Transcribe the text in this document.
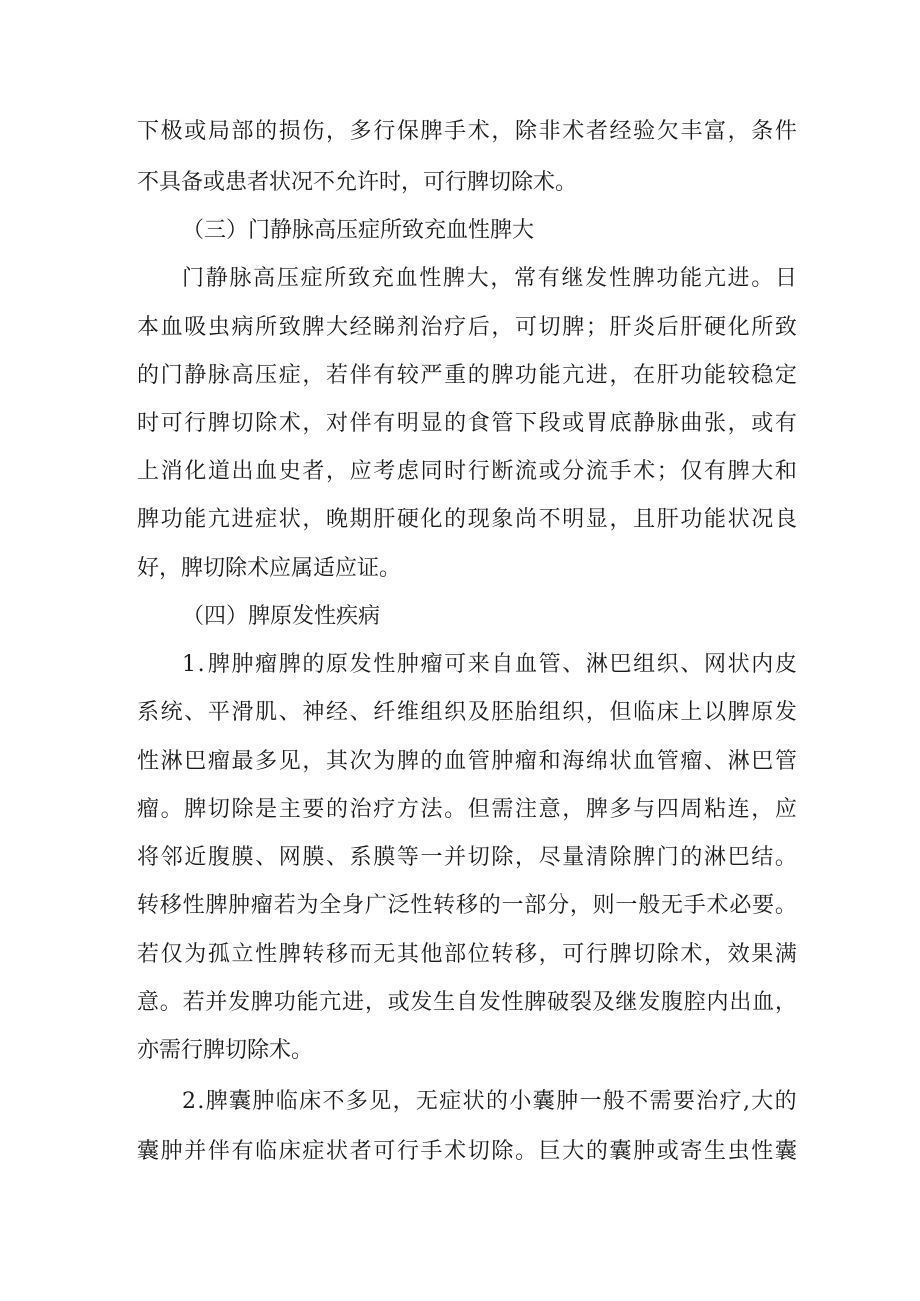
下 极 或 局 部 的 损 伤 ， 多 行 保 脾 手 术 ， 除 非 术 者 经 验 欠 丰 富 ， 条 件
不具备或患者状况不允许时，可行脾切除术。
（三）门静脉高压症所致充血性脾大
门 静 脉 高 压 症 所 致 充 血 性 脾 大 ， 常 有 继 发 性 脾 功 能 亢 进 。 日
本 血 吸 虫 病 所 致 脾 大 经 睇 剂 治 疗 后 ， 可 切 脾 ； 肝 炎 后 肝 硬 化 所 致
的 门 静 脉 高 压 症 ， 若 伴 有 较 严 重 的 脾 功 能 亢 进 ， 在 肝 功 能 较 稳 定
时 可 行 脾 切 除 术 ， 对 伴 有 明 显 的 食 管 下 段 或 胃 底 静 脉 曲 张 ， 或 有
上 消 化 道 出 血 史 者 ， 应 考 虑 同 时 行 断 流 或 分 流 手 术 ； 仅 有 脾 大 和
脾 功 能 亢 进 症 状 ， 晚 期 肝 硬 化 的 现 象 尚 不 明 显 ， 且 肝 功 能 状 况 良
好，脾切除术应属适应证。
（四）脾原发性疾病
1 . 脾 肿 瘤 脾 的 原 发 性 肿 瘤 可 来 自 血 管 、 淋 巴 组 织 、 网 状 内 皮
系 统 、 平 滑 肌 、 神 经 、 纤 维 组 织 及 胚 胎 组 织 ， 但 临 床 上 以 脾 原 发
性 淋 巴 瘤 最 多 见 ， 其 次 为 脾 的 血 管 肿 瘤 和 海 绵 状 血 管 瘤 、 淋 巴 管
瘤 。 脾 切 除 是 主 要 的 治 疗 方 法 。 但 需 注 意 ， 脾 多 与 四 周 粘 连 ， 应
将 邻 近 腹 膜 、 网 膜 、 系 膜 等 一 并 切 除 ， 尽 量 清 除 脾 门 的 淋 巴 结 。
转 移 性 脾 肿 瘤 若 为 全 身 广 泛 性 转 移 的 一 部 分 ， 则 一 般 无 手 术 必 要 。
若 仅 为 孤 立 性 脾 转 移 而 无 其 他 部 位 转 移 ， 可 行 脾 切 除 术 ， 效 果 满
意 。 若 并 发 脾 功 能 亢 进 ， 或 发 生 自 发 性 脾 破 裂 及 继 发 腹 腔 内 出 血 ，
亦需行脾切除术。
2 . 脾 囊 肿 临 床 不 多 见 ， 无 症 状 的 小 囊 肿 一 般 不 需 要 治 疗 , 大 的
囊 肿 并 伴 有 临 床 症 状 者 可 行 手 术 切 除 。 巨 大 的 囊 肿 或 寄 生 虫 性 囊
